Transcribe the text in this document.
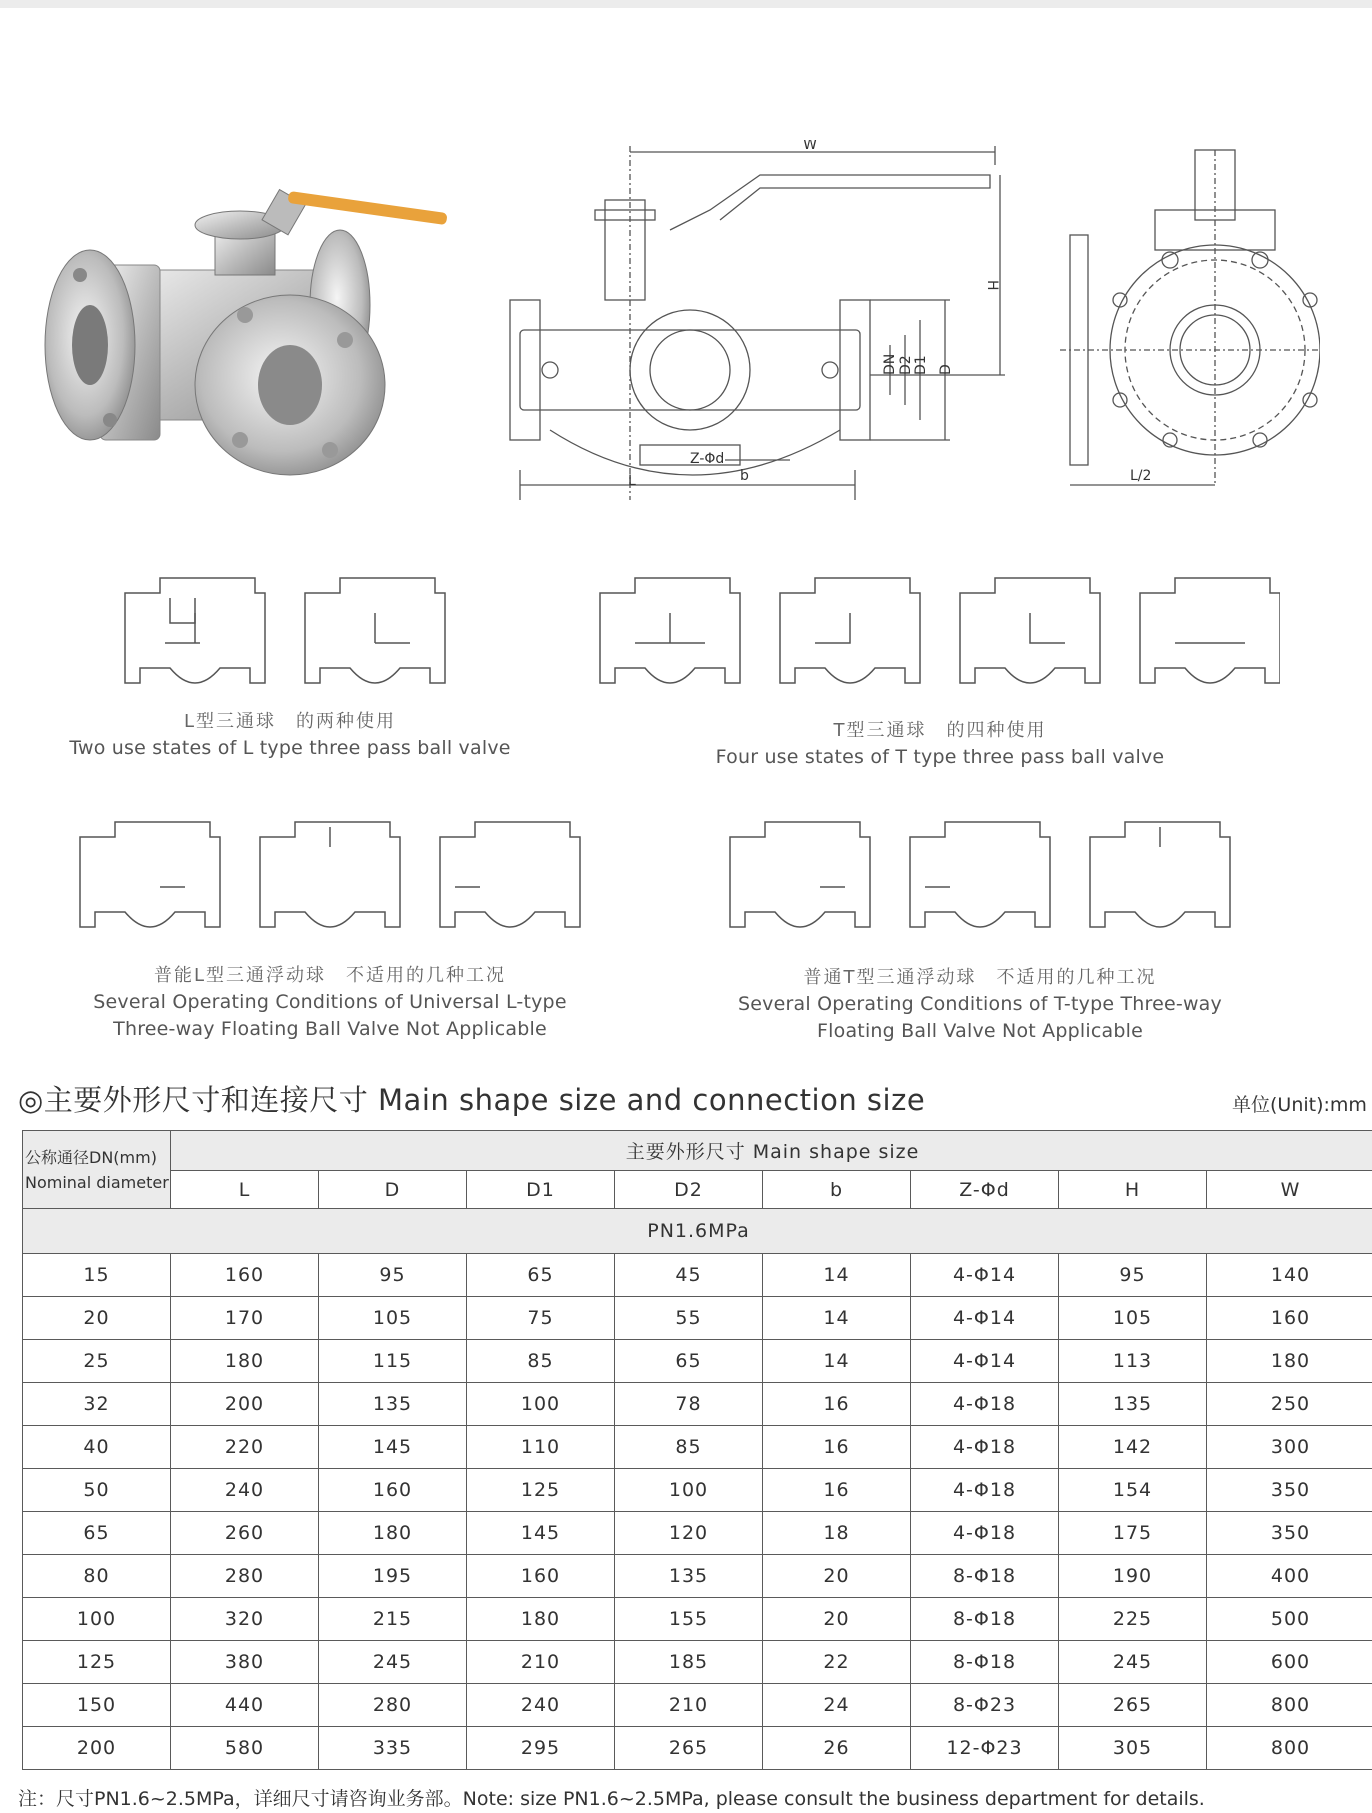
W
H
DN D2 D1 D
Z-Φd
b
L	L/2
L型三通球　的两种使用
Two use states of L type three pass ball valve
T型三通球　的四种使用
Four use states of T type three pass ball valve
普能L型三通浮动球　不适用的几种工况
Several Operating Conditions of Universal L-type
Three-way Floating Ball Valve Not Applicable
普通T型三通浮动球　不适用的几种工况
Several Operating Conditions of T-type Three-way
Floating Ball Valve Not Applicable
◎主要外形尺寸和连接尺寸 Main shape size and connection size	单位(Unit):mm
公称通径DN(mm)
Nominal diameter	主要外形尺寸 Main shape size							
	L	D	D1	D2	b	Z-Φd	H	W
PN1.6MPa								
15	160	95	65	45	14	4-Φ14	95	140
20	170	105	75	55	14	4-Φ14	105	160
25	180	115	85	65	14	4-Φ14	113	180
32	200	135	100	78	16	4-Φ18	135	250
40	220	145	110	85	16	4-Φ18	142	300
50	240	160	125	100	16	4-Φ18	154	350
65	260	180	145	120	18	4-Φ18	175	350
80	280	195	160	135	20	8-Φ18	190	400
100	320	215	180	155	20	8-Φ18	225	500
125	380	245	210	185	22	8-Φ18	245	600
150	440	280	240	210	24	8-Φ23	265	800
200	580	335	295	265	26	12-Φ23	305	800
注：尺寸PN1.6~2.5MPa，详细尺寸请咨询业务部。Note: size PN1.6~2.5MPa, please consult the business department for details.
